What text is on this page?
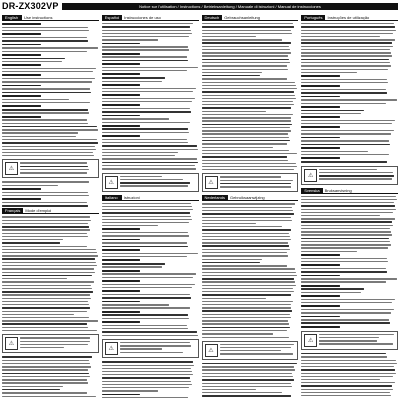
DR-ZX302VP	Notice sur l'utilisation / Instructions / Betriebsanleitung / Manuale di istruzioni / Manual de instrucciones
English	Use instructions
⚠
Français	Mode d'emploi
⚠
Español	Instrucciones de uso
⚠
Italiano	Istruzioni
⚠
Deutsch	Gebrauchsanleitung
⚠
Nederlands	Gebruiksaanwijzing
⚠
Português	Instruções de utilização
⚠
Svenska	Bruksanvisning
⚠
